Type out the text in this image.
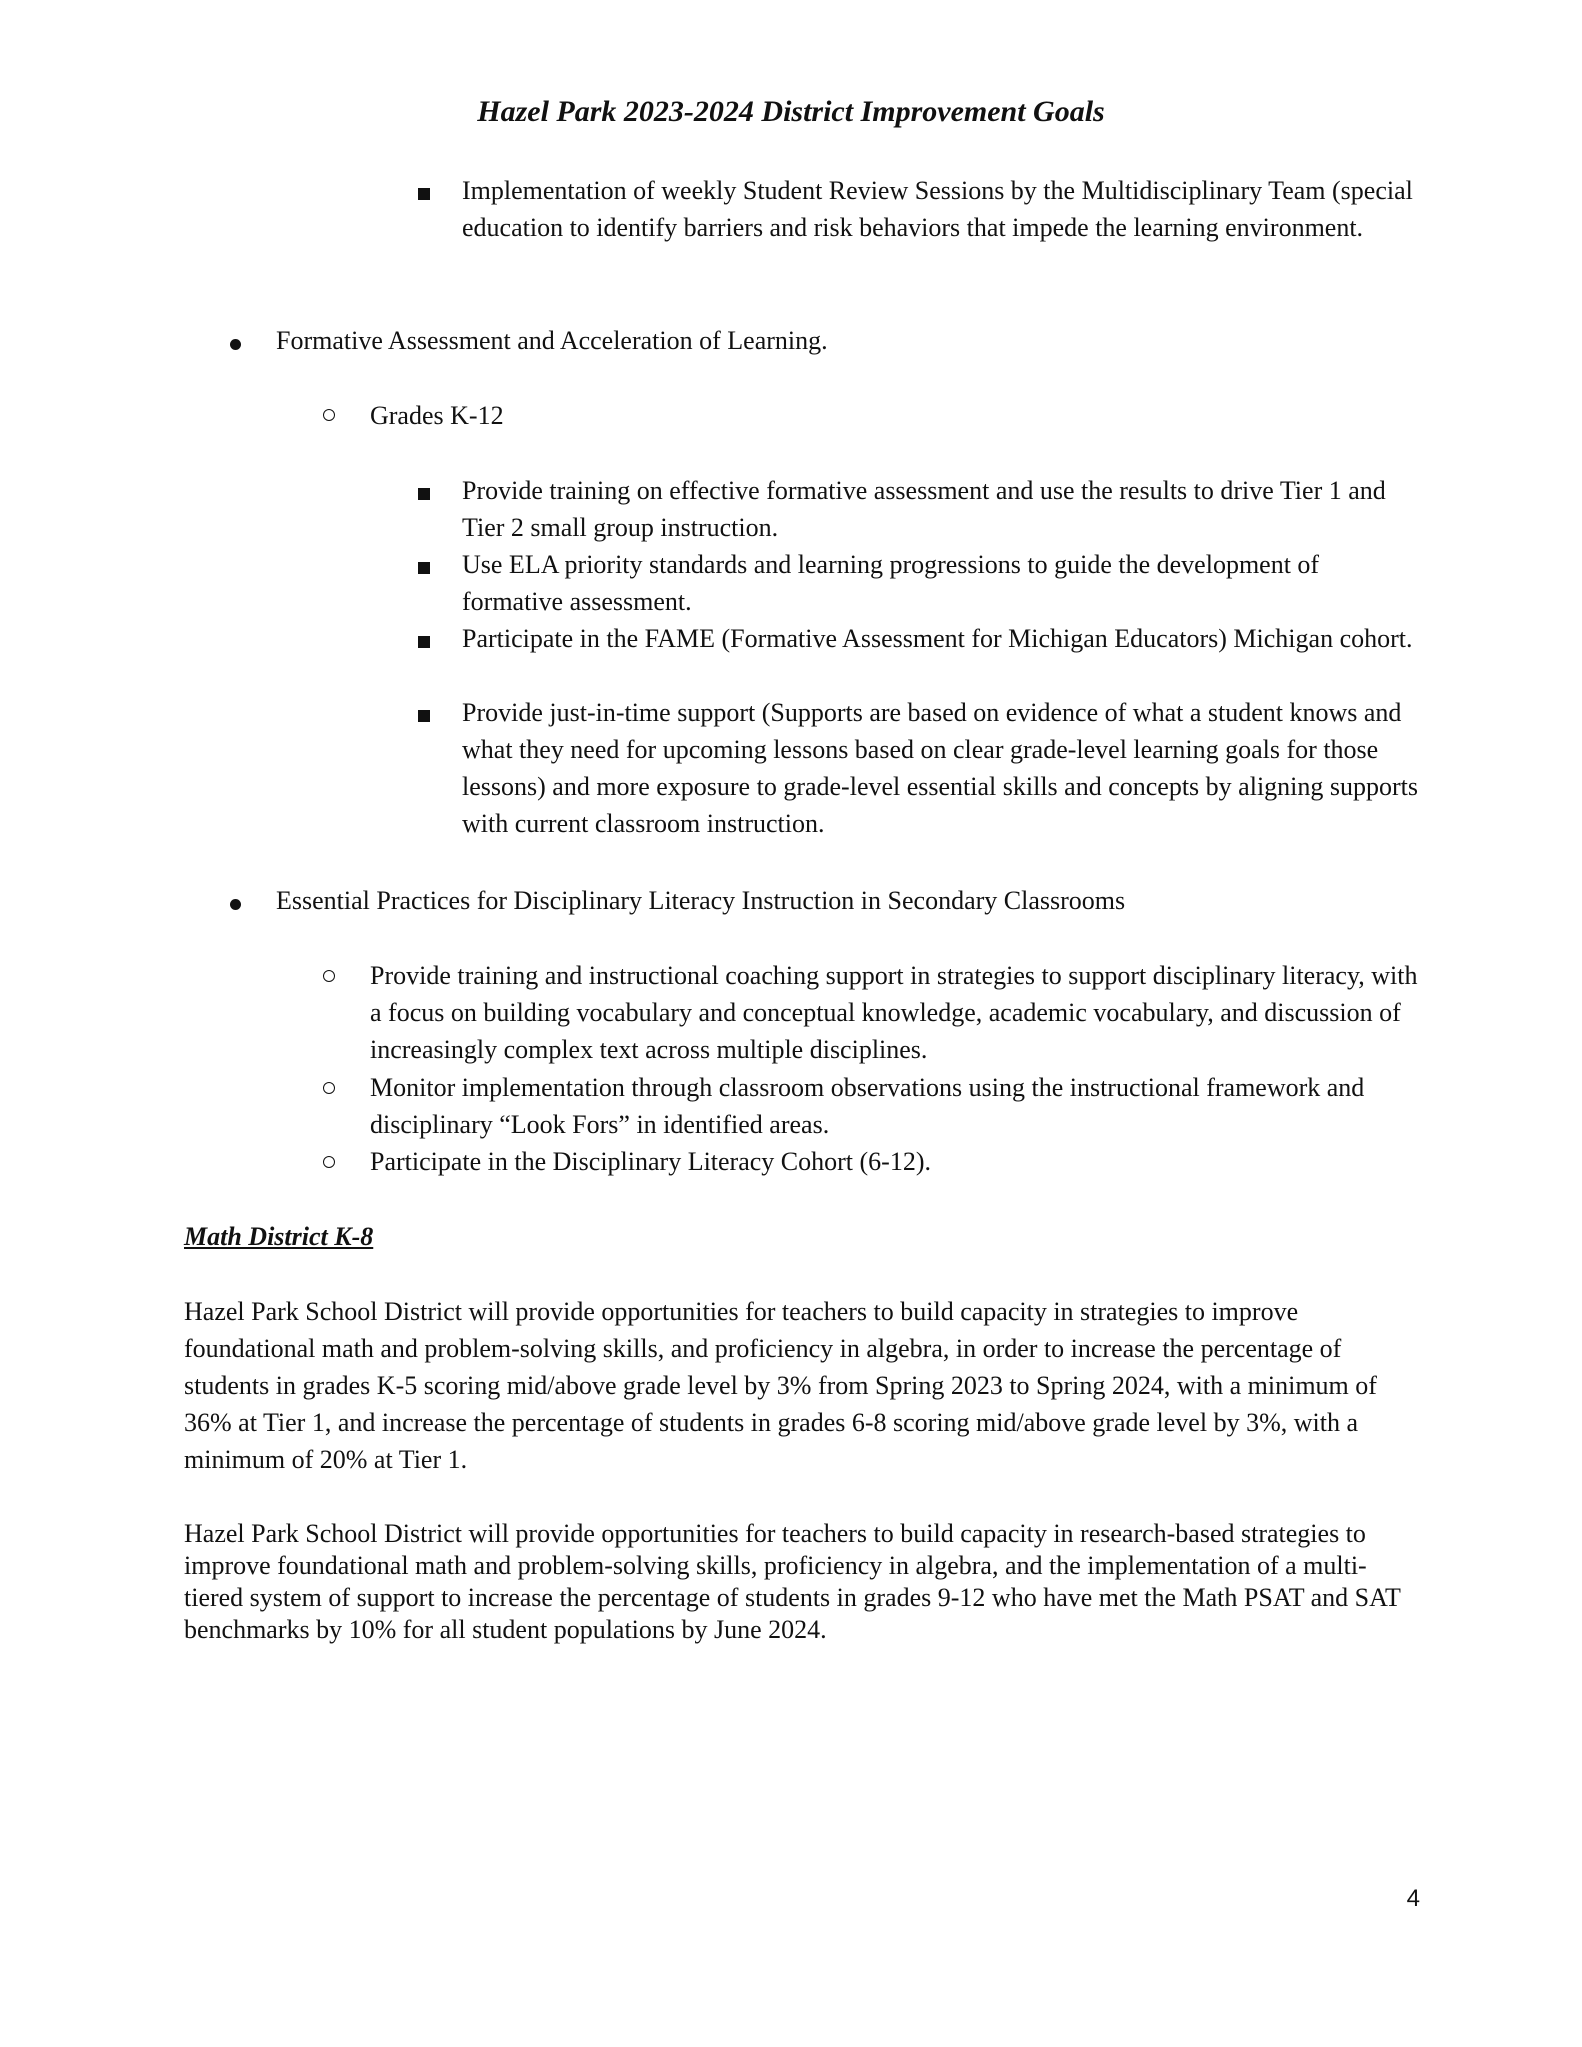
Hazel Park 2023-2024 District Improvement Goals

Implementation of weekly Student Review Sessions by the Multidisciplinary Team (special education to identify barriers and risk behaviors that impede the learning environment.

Formative Assessment and Acceleration of Learning.

Grades K-12

Provide training on effective formative assessment and use the results to drive Tier 1 and Tier 2 small group instruction.

Use ELA priority standards and learning progressions to guide the development of formative assessment.

Participate in the FAME (Formative Assessment for Michigan Educators) Michigan cohort.

Provide just-in-time support (Supports are based on evidence of what a student knows and what they need for upcoming lessons based on clear grade-level learning goals for those lessons) and more exposure to grade-level essential skills and concepts by aligning supports with current classroom instruction.

Essential Practices for Disciplinary Literacy Instruction in Secondary Classrooms

Provide training and instructional coaching support in strategies to support disciplinary literacy, with a focus on building vocabulary and conceptual knowledge, academic vocabulary, and discussion of increasingly complex text across multiple disciplines.

Monitor implementation through classroom observations using the instructional framework and disciplinary “Look Fors” in identified areas.

Participate in the Disciplinary Literacy Cohort (6-12).

Math District K-8

Hazel Park School District will provide opportunities for teachers to build capacity in strategies to improve foundational math and problem-solving skills, and proficiency in algebra, in order to increase the percentage of students in grades K-5 scoring mid/above grade level by 3% from Spring 2023 to Spring 2024, with a minimum of 36% at Tier 1, and increase the percentage of students in grades 6-8 scoring mid/above grade level by 3%, with a minimum of 20% at Tier 1.

Hazel Park School District will provide opportunities for teachers to build capacity in research-based strategies to improve foundational math and problem-solving skills, proficiency in algebra, and the implementation of a multi-tiered system of support to increase the percentage of students in grades 9-12 who have met the Math PSAT and SAT benchmarks by 10% for all student populations by June 2024.

4
